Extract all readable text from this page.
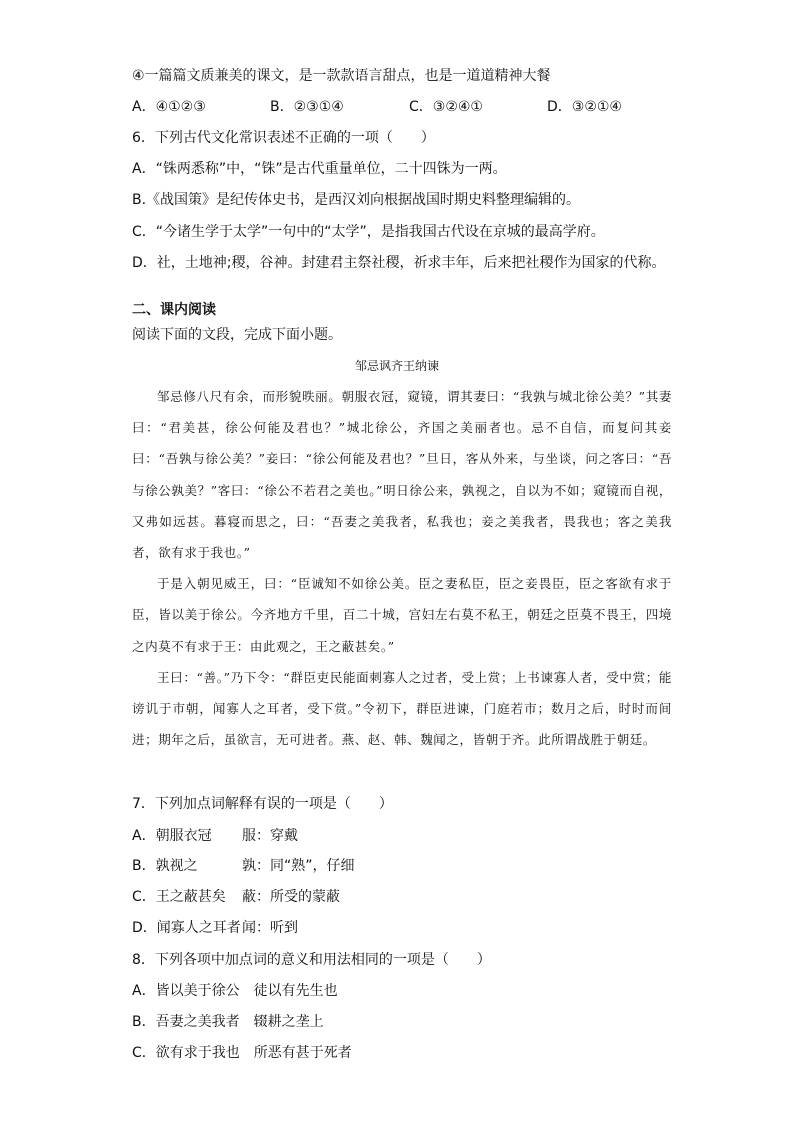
④一篇篇文质兼美的课文，是一款款语言甜点，也是一道道精神大餐
A．④①②③	B．②③①④	C．③②④①	D．③②①④
6．下列古代文化常识表述不正确的一项（　　）
A．“铢两悉称”中，“铢”是古代重量单位，二十四铢为一两。
B.《战国策》是纪传体史书，是西汉刘向根据战国时期史料整理编辑的。
C．“今诸生学于太学”一句中的“太学”，是指我国古代设在京城的最高学府。
D．社，土地神;稷，谷神。封建君主祭社稷，祈求丰年，后来把社稷作为国家的代称。
二、课内阅读
阅读下面的文段，完成下面小题。
邹忌讽齐王纳谏

邹忌修八尺有余，而形貌昳丽。朝服衣冠，窥镜，谓其妻曰：“我孰与城北徐公美？”其妻曰：“君美甚，徐公何能及君也？”城北徐公，齐国之美丽者也。忌不自信，而复问其妾曰：“吾孰与徐公美？”妾曰：“徐公何能及君也？”旦日，客从外来，与坐谈，问之客曰：“吾与徐公孰美？”客曰：“徐公不若君之美也。”明日徐公来，孰视之，自以为不如；窥镜而自视，又弗如远甚。暮寝而思之，曰：“吾妻之美我者，私我也；妾之美我者，畏我也；客之美我者，欲有求于我也。”

于是入朝见威王，曰：“臣诚知不如徐公美。臣之妻私臣，臣之妾畏臣，臣之客欲有求于臣，皆以美于徐公。今齐地方千里，百二十城，宫妇左右莫不私王，朝廷之臣莫不畏王，四境之内莫不有求于王：由此观之，王之蔽甚矣。”

王曰：“善。”乃下令：“群臣吏民能面刺寡人之过者，受上赏；上书谏寡人者，受中赏；能谤讥于市朝，闻寡人之耳者，受下赏。”令初下，群臣进谏，门庭若市；数月之后，时时而间进；期年之后，虽欲言，无可进者。燕、赵、韩、魏闻之，皆朝于齐。此所谓战胜于朝廷。

7．下列加点词解释有误的一项是（　　）
A．朝服衣冠 服：穿戴
B．孰视之	孰：同“熟”，仔细
C．王之蔽甚矣 蔽：所受的蒙蔽
D．闻寡人之耳者 闻：听到
8．下列各项中加点词的意义和用法相同的一项是（　　）
A．皆以美于徐公　徒以有先生也
B．吾妻之美我者　辍耕之垄上
C．欲有求于我也　所恶有甚于死者
